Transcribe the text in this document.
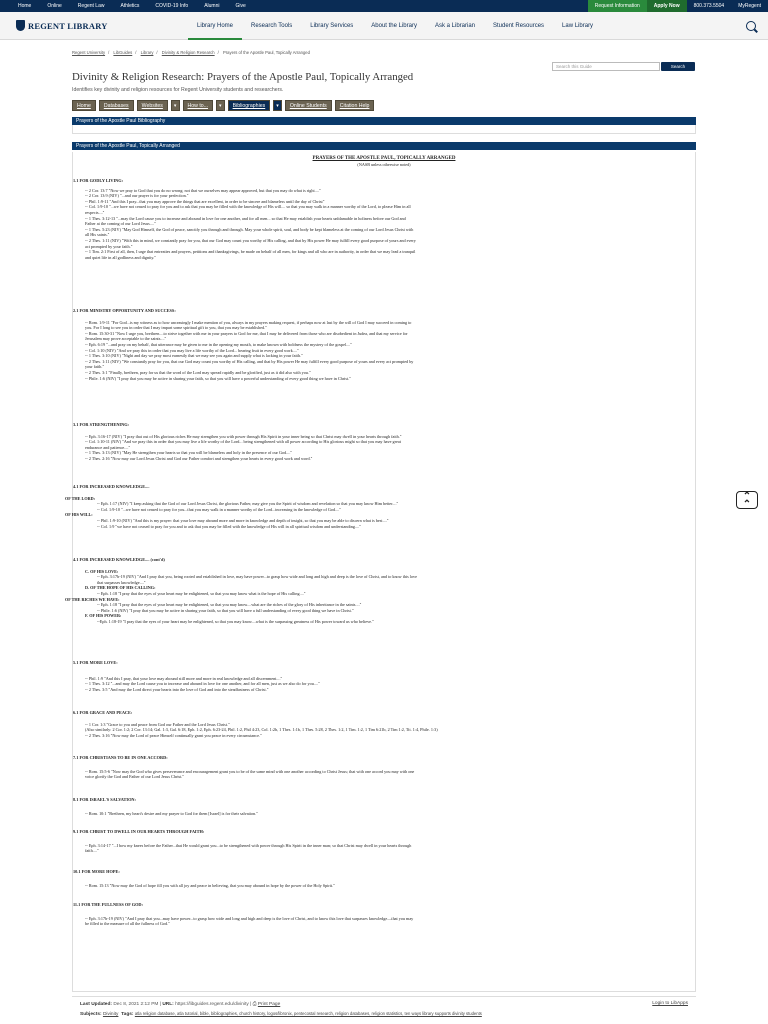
Home	Online	Regent Law	Athletics	COVID-19 Info	Alumni	Give	Request Information	Apply Now	800.373.5504	MyRegent
REGENT LIBRARY	Library Home	Research Tools	Library Services	About the Library	Ask a Librarian	Student Resources	Law Library
Regent University / LibGuides / Library / Divinity & Religion Research / Prayers of the Apostle Paul, Topically Arranged
Search this Guide	Search
Divinity & Religion Research: Prayers of the Apostle Paul, Topically Arranged
Identifies key divinity and religion resources for Regent University students and researchers.
Home	Databases	Websites	▾	How to...	▾	Bibliographies	▾	Online Students	Citation Help
Prayers of the Apostle Paul Bibliography
Prayers of the Apostle Paul, Topically Arranged
PRAYERS OF THE APOSTLE PAUL, TOPICALLY ARRANGED
(NASB unless otherwise noted)
1.1 FOR GODLY LIVING:
-- 2 Cor. 13:7 "Now we pray to God that you do no wrong; not that we ourselves may appear approved, but that you may do what is right...."
-- 2 Cor. 13:9 (NIV) "...and our prayer is for your perfection."
-- Phil. 1:9-11 "And this I pray...that you may approve the things that are excellent, in order to be sincere and blameless until the day of Christ"
-- Col. 1:9-10 "...we have not ceased to pray for you and to ask that you may be filled with the knowledge of His will.... so that you may walk in a manner worthy of the Lord, to please Him in all
respects...."
-- 1 Thes. 3:12-13 "...may the Lord cause you to increase and abound in love for one another, and for all men... so that He may establish your hearts unblamable in holiness before our God and
Father at the coming of our Lord Jesus...."
-- 1 Thes. 5:23 (NIV) "May God Himself, the God of peace, sanctify you through and through. May your whole spirit, soul, and body be kept blameless at the coming of our Lord Jesus Christ with
all His saints."
-- 2 Thes. 1:11 (NIV) "With this in mind, we constantly pray for you, that our God may count you worthy of His calling, and that by His power He may fulfill every good purpose of yours and every
act prompted by your faith."
-- 1 Tim. 2:1 First of all, then, I urge that entreaties and prayers, petitions and thanksgivings, be made on behalf of all men, for kings and all who are in authority, in order that we may lead a tranquil
and quiet life in all godliness and dignity."
2.1 FOR MINISTRY OPPORTUNITY AND SUCCESS:
-- Rom. 1:9-11 "For God...is my witness as to how unceasingly I make mention of you, always in my prayers making request, if perhaps now at last by the will of God I may succeed in coming to
you. For I long to see you in order that I may impart some spiritual gift to you, that you may be established."
-- Rom. 15:30-31 "Now I urge you, brethren....to strive together with me in your prayers to God for me, that I may be delivered from those who are disobedient in Judea, and that my service for
Jerusalem may prove acceptable to the saints...."
-- Eph. 6:19 "...and pray on my behalf, that utterance may be given to me in the opening my mouth, to make known with boldness the mystery of the gospel...."
-- Col. 1:10 (NIV) "And we pray this in order that you may live a life worthy of the Lord... bearing fruit in every good work...."
-- 1 Thes. 3:10 (NIV) "Night and day we pray most earnestly that we may see you again and supply what is lacking in your faith."
-- 2 Thes. 1:11 (NIV) "We constantly pray for you, that our God may count you worthy of His calling, and that by His power He may fulfill every good purpose of yours and every act prompted by
your faith."
-- 2 Thes. 3:1 "Finally, brethren, pray for us that the word of the Lord may spread rapidly and be glorified, just as it did also with you."
-- Phile. 1:6 (NIV) "I pray that you may be active in sharing your faith, so that you will have a powerful understanding of every good thing we have in Christ."
3.1 FOR STRENGTHENING:
-- Eph. 3:16-17 (NIV) "I pray that out of His glorious riches He may strengthen you with power through His Spirit in your inner being so that Christ may dwell in your hearts through faith."
-- Col. 1:10-11 (NIV) "And we pray this in order that you may live a life worthy of the Lord... being strengthened with all power according to His glorious might so that you may have great
endurance and patience...."
-- 1 Thes. 3:13 (NIV) "May He strengthen your hearts so that you will be blameless and holy in the presence of our God...."
-- 2 Thes. 2:16 "Now may our Lord Jesus Christ and God our Father comfort and strengthen your hearts in every good work and word."
4.1 FOR INCREASED KNOWLEDGE....
OF THE LORD:
-- Eph. 1:17 (NIV) "I keep asking that the God of our Lord Jesus Christ, the glorious Father, may give you the Spirit of wisdom and revelation so that you may know Him better...."
-- Col. 1:9-10 "...we have not ceased to pray for you...that you may walk in a manner worthy of the Lord...increasing in the knowledge of God...."
OF HIS WILL:
-- Phil. 1:9-10 (NIV) "And this is my prayer: that your love may abound more and more in knowledge and depth of insight, so that you may be able to discern what is best...."
-- Col. 1:9 "we have not ceased to pray for you and to ask that you may be filled with the knowledge of His will in all spiritual wisdom and understanding...."
4.1 FOR INCREASED KNOWLEDGE.... (cont'd)
C. OF HIS LOVE:
-- Eph. 3:17b-19 (NIV) "And I pray that you, being rooted and established in love, may have power...to grasp how wide and long and high and deep is the love of Christ, and to know this love
that surpasses knowledge...."
D. OF THE HOPE OF HIS CALLING:
-- Eph. 1:18 "I pray that the eyes of your heart may be enlightened, so that you may know what is the hope of His calling...."
OF THE RICHES WE HAVE:
-- Eph. 1:18 "I pray that the eyes of your heart may be enlightened, so that you may know....what are the riches of the glory of His inheritance in the saints...."
-- Phile. 1:6 (NIV) "I pray that you may be active in sharing your faith, so that you will have a full understanding of every good thing we have in Christ."
F. OF HIS POWER:
--Eph. 1:18-19 "I pray that the eyes of your heart may be enlightened, so that you may know....what is the surpassing greatness of His power toward us who believe."
5.1 FOR MORE LOVE:
-- Phil. 1:9 "And this I pray, that your love may abound still more and more in real knowledge and all discernment...."
-- 1 Thes. 3:12 "...and may the Lord cause you to increase and abound in love for one another, and for all men, just as we also do for you...."
-- 2 Thes. 3:5 "And may the Lord direct your hearts into the love of God and into the steadfastness of Christ."
6.1 FOR GRACE AND PEACE:
-- 1 Cor. 1:3 "Grace to you and peace from God our Father and the Lord Jesus Christ."
(Also similarly: 2 Cor. 1:2; 2 Cor. 13:14; Gal. 1:3, Gal. 6:18, Eph. 1:2, Eph. 6:23-24, Phil. 1:2, Phil 4:23, Col. 1:2b, 1 Thes. 1:1b, 1 Thes. 5:28, 2 Thes. 1:2, 1 Tim. 1:2, 1 Tim 6:21b, 2 Tim 1:2, Tit. 1:4, Phile. 1:3)
-- 2 Thes. 3:16 "Now may the Lord of peace Himself continually grant you peace in every circumstance."
7.1 FOR CHRISTIANS TO BE IN ONE ACCORD:
-- Rom. 15:5-6 "Now may the God who gives perseverance and encouragement grant you to be of the same mind with one another according to Christ Jesus; that with one accord you may with one
voice glorify the God and Father of our Lord Jesus Christ."
8.1 FOR ISRAEL'S SALVATION:
-- Rom. 10:1 "Brethren, my heart's desire and my prayer to God for them [Israel] is for their salvation."
9.1 FOR CHRIST TO DWELL IN OUR HEARTS THROUGH FAITH:
-- Eph. 3:14-17 "...I bow my knees before the Father...that He would grant you...to be strengthened with power through His Spirit in the inner man; so that Christ may dwell in your hearts through
faith...."
10.1 FOR MORE HOPE:
-- Rom. 15:13 "Now may the God of hope fill you with all joy and peace in believing, that you may abound in hope by the power of the Holy Spirit."
11.1 FOR THE FULLNESS OF GOD:
-- Eph. 3:17b-19 (NIV) "And I pray that you...may have power...to grasp how wide and long and high and deep is the love of Christ, and to know this love that surpasses knowledge—that you may
be filled to the measure of all the fullness of God."
⌃
⌃
Last Updated: Dec 8, 2021 2:12 PM | URL: https://libguides.regent.edu/divinity | ⎙ Print Page	Login to LibApps
Subjects: Divinity Tags: atla religion database, atla tutorial, bible, bibliographies, church history, logos/libronix, pentecostal research, religion databases, religion statistics, ten ways library supports divinity students
